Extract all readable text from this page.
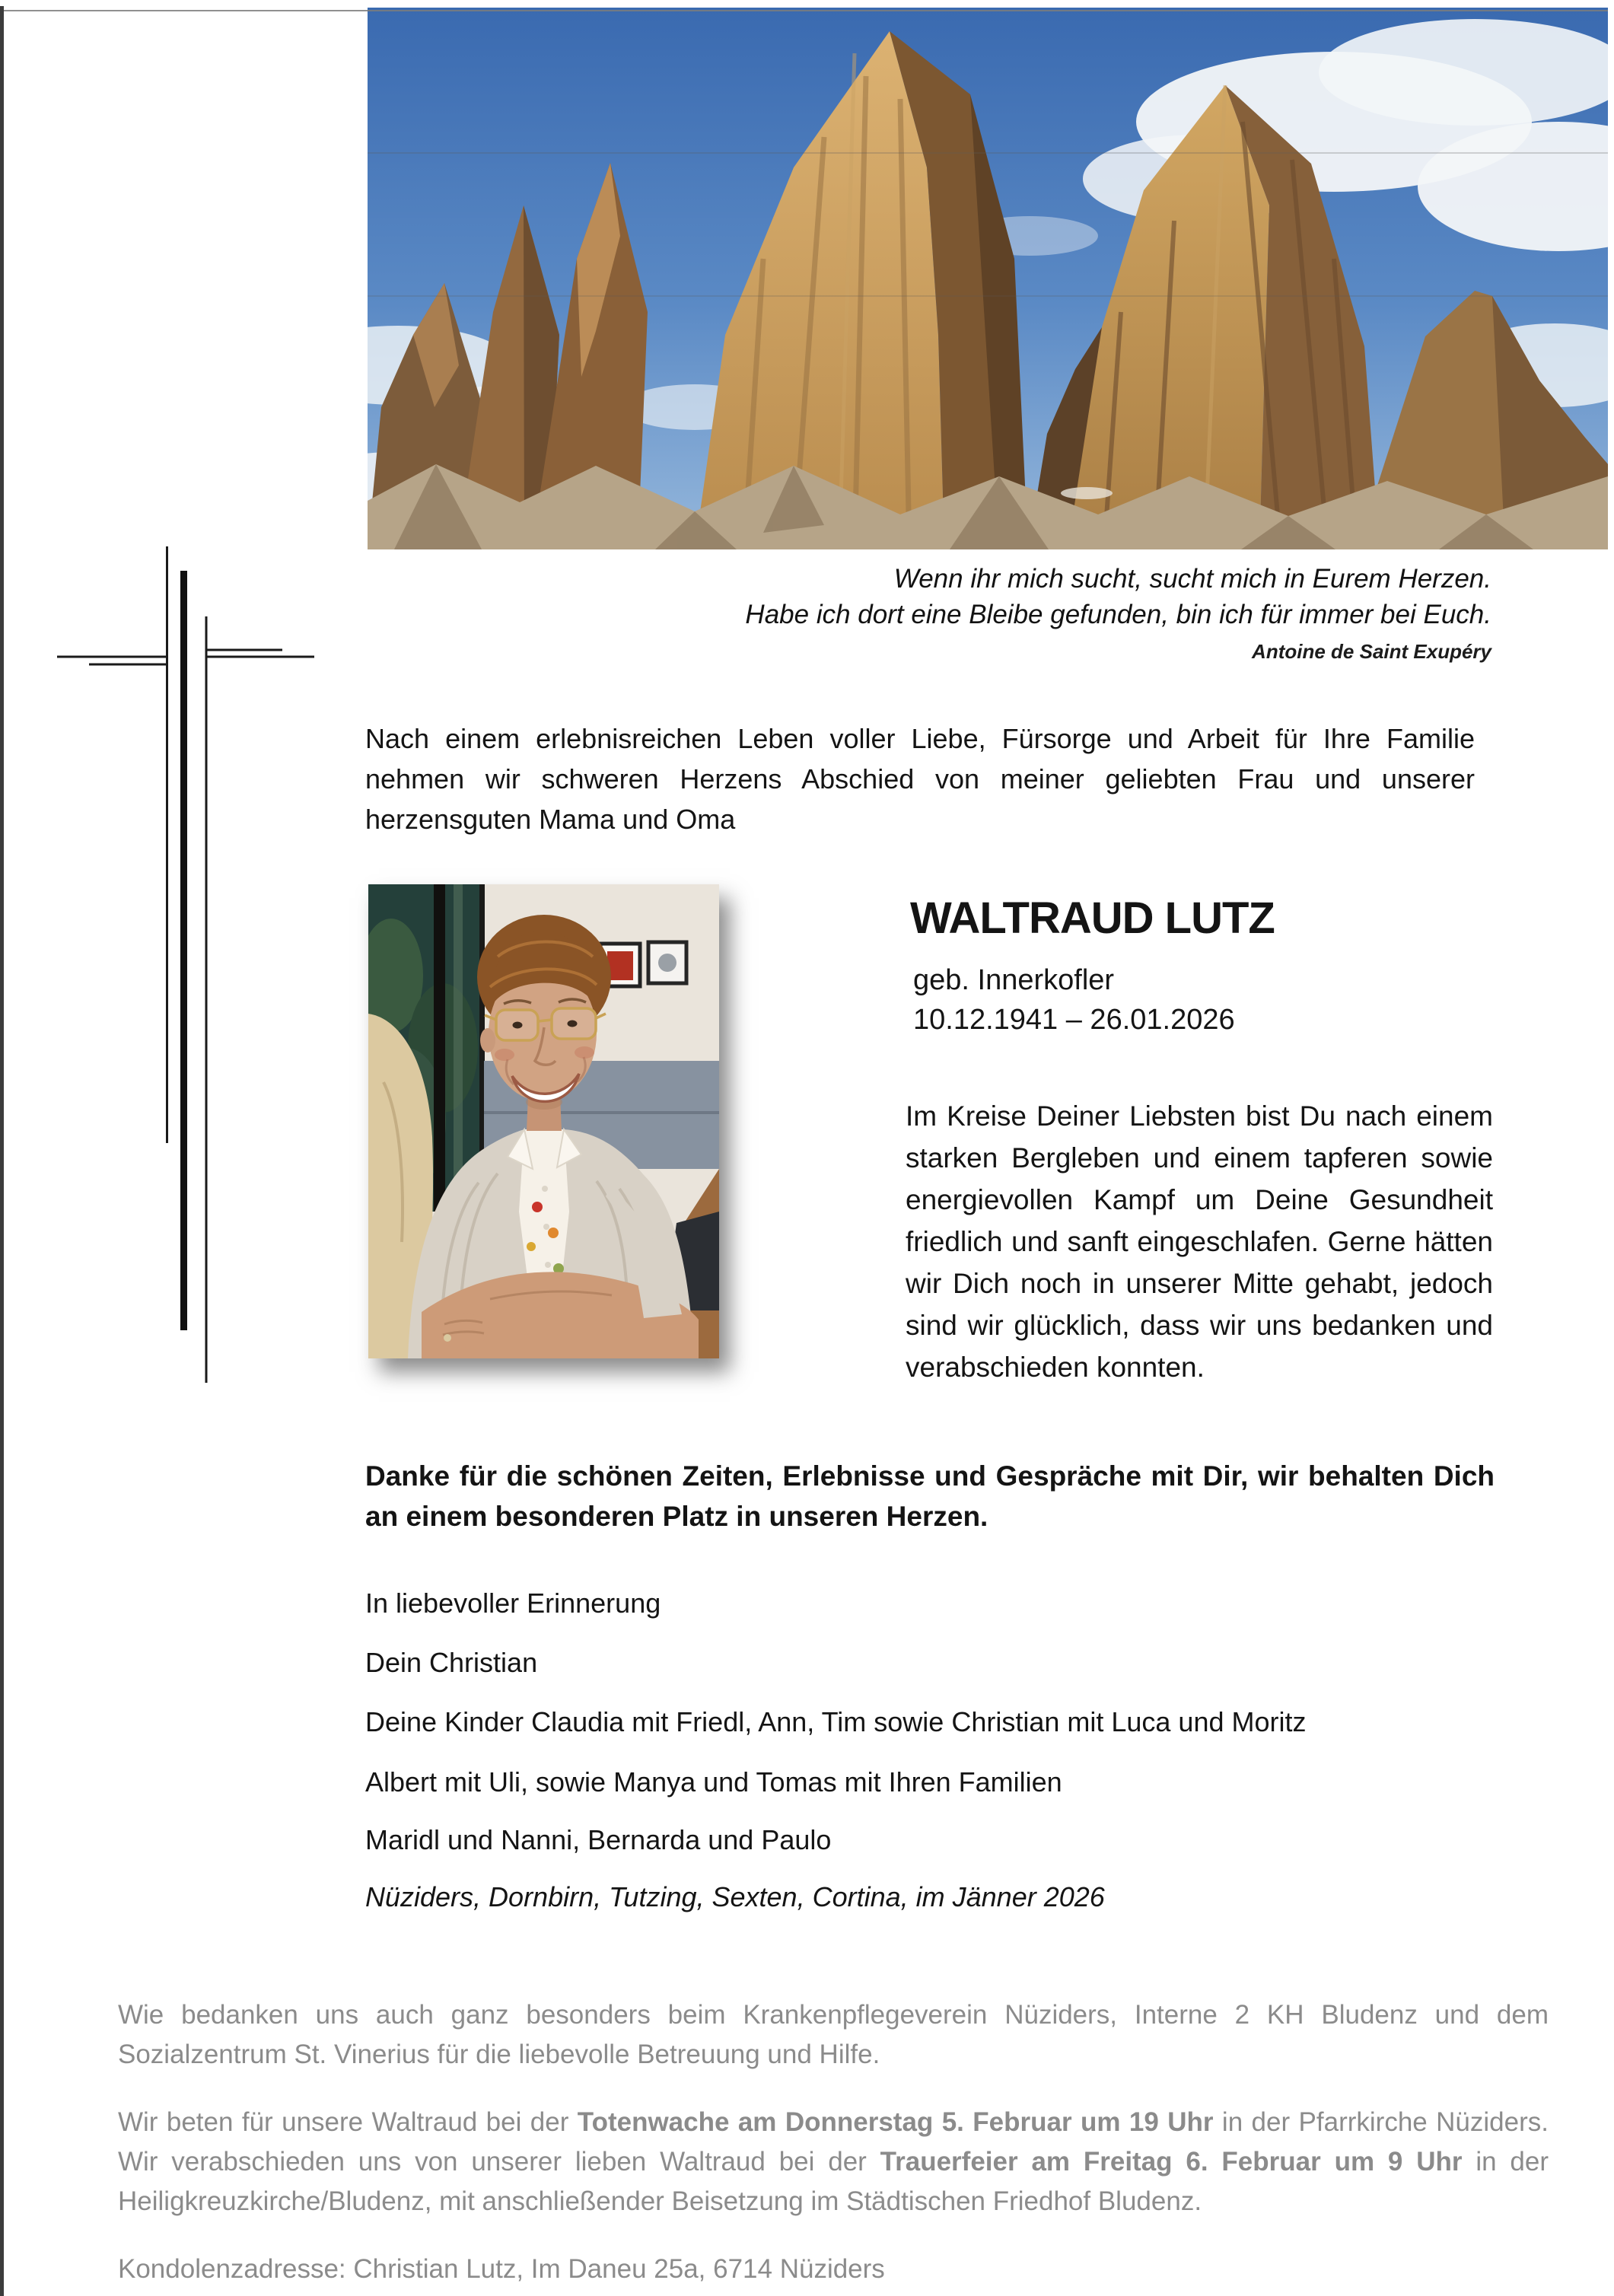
Wenn ihr mich sucht, sucht mich in Eurem Herzen.
Habe ich dort eine Bleibe gefunden, bin ich für immer bei Euch.
Antoine de Saint Exupéry

Nach einem erlebnisreichen Leben voller Liebe, Fürsorge und Arbeit für Ihre Familie nehmen wir schweren Herzens Abschied von meiner geliebten Frau und unserer herzensguten Mama und Oma

WALTRAUD LUTZ

geb. Innerkofler

10.12.1941 – 26.01.2026

Im Kreise Deiner Liebsten bist Du nach einem starken Bergleben und einem tapferen sowie energievollen Kampf um Deine Gesundheit friedlich und sanft eingeschlafen. Gerne hätten wir Dich noch in unserer Mitte gehabt, jedoch sind wir glücklich, dass wir uns bedanken und verabschieden konnten.

Danke für die schönen Zeiten, Erlebnisse und Gespräche mit Dir, wir behalten Dich an einem besonderen Platz in unseren Herzen.

In liebevoller Erinnerung
Dein Christian
Deine Kinder Claudia mit Friedl, Ann, Tim sowie Christian mit Luca und Moritz
Albert mit Uli, sowie Manya und Tomas mit Ihren Familien
Maridl und Nanni, Bernarda und Paulo
Nüziders, Dornbirn, Tutzing, Sexten, Cortina, im Jänner 2026

Wie bedanken uns auch ganz besonders beim Krankenpflegeverein Nüziders, Interne 2 KH Bludenz und dem Sozialzentrum St. Vinerius für die liebevolle Betreuung und Hilfe.

Wir beten für unsere Waltraud bei der Totenwache am Donnerstag 5. Februar um 19 Uhr in der Pfarrkirche Nüziders. Wir verabschieden uns von unserer lieben Waltraud bei der Trauerfeier am Freitag 6. Februar um 9 Uhr in der Heiligkreuzkirche/Bludenz, mit anschließender Beisetzung im Städtischen Friedhof Bludenz.

Kondolenzadresse: Christian Lutz, Im Daneu 25a, 6714 Nüziders
